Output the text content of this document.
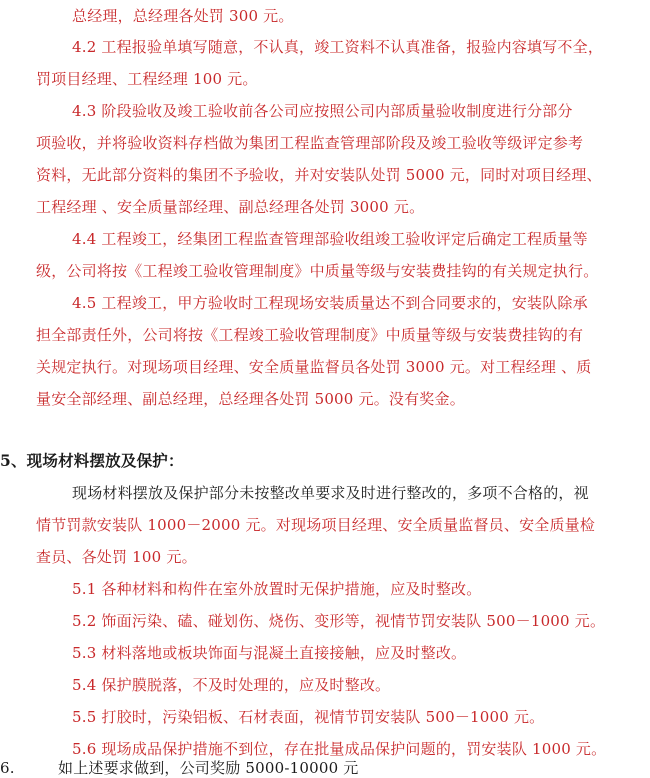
总经理，总经理各处罚 300 元。
4.2 工程报验单填写随意，不认真，竣工资料不认真准备，报验内容填写不全，
罚项目经理、工程经理 100 元。
4.3 阶段验收及竣工验收前各公司应按照公司内部质量验收制度进行分部分
项验收，并将验收资料存档做为集团工程监查管理部阶段及竣工验收等级评定参考
资料，无此部分资料的集团不予验收，并对安装队处罚 5000 元，同时对项目经理、
工程经理 、安全质量部经理、副总经理各处罚 3000 元。
4.4 工程竣工，经集团工程监查管理部验收组竣工验收评定后确定工程质量等
级，公司将按《工程竣工验收管理制度》中质量等级与安装费挂钩的有关规定执行。
4.5 工程竣工，甲方验收时工程现场安装质量达不到合同要求的，安装队除承
担全部责任外，公司将按《工程竣工验收管理制度》中质量等级与安装费挂钩的有
关规定执行。对现场项目经理、安全质量监督员各处罚 3000 元。对工程经理 、质
量安全部经理、副总经理，总经理各处罚 5000 元。没有奖金。
5、现场材料摆放及保护：
现场材料摆放及保护部分未按整改单要求及时进行整改的，多项不合格的，视
情节罚款安装队 1000－2000 元。对现场项目经理、安全质量监督员、安全质量检
查员、各处罚 100 元。
5.1 各种材料和构件在室外放置时无保护措施，应及时整改。
5.2 饰面污染、磕、碰划伤、烧伤、变形等，视情节罚安装队 500－1000 元。
5.3 材料落地或板块饰面与混凝土直接接触，应及时整改。
5.4 保护膜脱落，不及时处理的，应及时整改。
5.5 打胶时，污染铝板、石材表面，视情节罚安装队 500－1000 元。
5.6 现场成品保护措施不到位，存在批量成品保护问题的，罚安装队 1000 元。
6.	如上述要求做到，公司奖励 5000-10000 元
